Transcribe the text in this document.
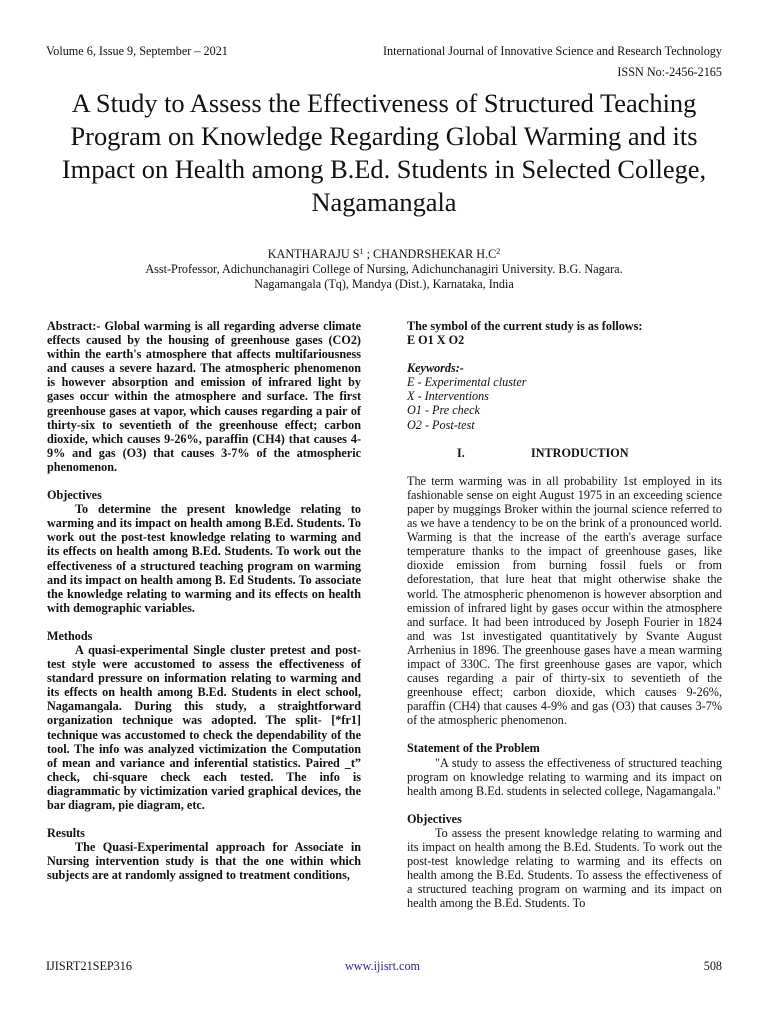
Volume 6, Issue 9, September – 2021	International Journal of Innovative Science and Research Technology
ISSN No:-2456-2165
A Study to Assess the Effectiveness of Structured Teaching Program on Knowledge Regarding Global Warming and its Impact on Health among B.Ed. Students in Selected College, Nagamangala
KANTHARAJU $S^1$ ; CHANDRSHEKAR $H.C^2$
Asst-Professor, Adichunchanagiri College of Nursing, Adichunchanagiri University. B.G. Nagara.
Nagamangala (Tq), Mandya (Dist.), Karnataka, India

Abstract:- Global warming is all regarding adverse climate effects caused by the housing of greenhouse gases (CO2) within the earth's atmosphere that affects multifariousness and causes a severe hazard. The atmospheric phenomenon is however absorption and emission of infrared light by gases occur within the atmosphere and surface. The first greenhouse gases at vapor, which causes regarding a pair of thirty-six to seventieth of the greenhouse effect; carbon dioxide, which causes 9-26%, paraffin (CH4) that causes 4-9% and gas (O3) that causes 3-7% of the atmospheric phenomenon.

Objectives

To determine the present knowledge relating to warming and its impact on health among B.Ed. Students. To work out the post-test knowledge relating to warming and its effects on health among B.Ed. Students. To work out the effectiveness of a structured teaching program on warming and its impact on health among B. Ed Students. To associate the knowledge relating to warming and its effects on health with demographic variables.

Methods

A quasi-experimental Single cluster pretest and post-test style were accustomed to assess the effectiveness of standard pressure on information relating to warming and its effects on health among B.Ed. Students in elect school, Nagamangala. During this study, a straightforward organization technique was adopted. The split- [*fr1] technique was accustomed to check the dependability of the tool. The info was analyzed victimization the Computation of mean and variance and inferential statistics. Paired _t” check, chi-square check each tested. The info is diagrammatic by victimization varied graphical devices, the bar diagram, pie diagram, etc.

Results

The Quasi-Experimental approach for Associate in Nursing intervention study is that the one within which subjects are at randomly assigned to treatment conditions,

The symbol of the current study is as follows:

E O1 X O2

Keywords:-

E - Experimental cluster

X - Interventions

O1 - Pre check

O2 - Post-test

I.	INTRODUCTION

The term warming was in all probability 1st employed in its fashionable sense on eight August 1975 in an exceeding science paper by muggings Broker within the journal science referred to as we have a tendency to be on the brink of a pronounced world. Warming is that the increase of the earth's average surface temperature thanks to the impact of greenhouse gases, like dioxide emission from burning fossil fuels or from deforestation, that lure heat that might otherwise shake the world. The atmospheric phenomenon is however absorption and emission of infrared light by gases occur within the atmosphere and surface. It had been introduced by Joseph Fourier in 1824 and was 1st investigated quantitatively by Svante August Arrhenius in 1896. The greenhouse gases have a mean warming impact of 330C. The first greenhouse gases are vapor, which causes regarding a pair of thirty-six to seventieth of the greenhouse effect; carbon dioxide, which causes 9-26%, paraffin (CH4) that causes 4-9% and gas (O3) that causes 3-7% of the atmospheric phenomenon.

Statement of the Problem

"A study to assess the effectiveness of structured teaching program on knowledge relating to warming and its impact on health among B.Ed. students in selected college, Nagamangala."

Objectives

To assess the present knowledge relating to warming and its impact on health among the B.Ed. Students. To work out the post-test knowledge relating to warming and its effects on health among the B.Ed. Students. To assess the effectiveness of a structured teaching program on warming and its impact on health among the B.Ed. Students. To

IJISRT21SEP316	www.ijisrt.com	508
